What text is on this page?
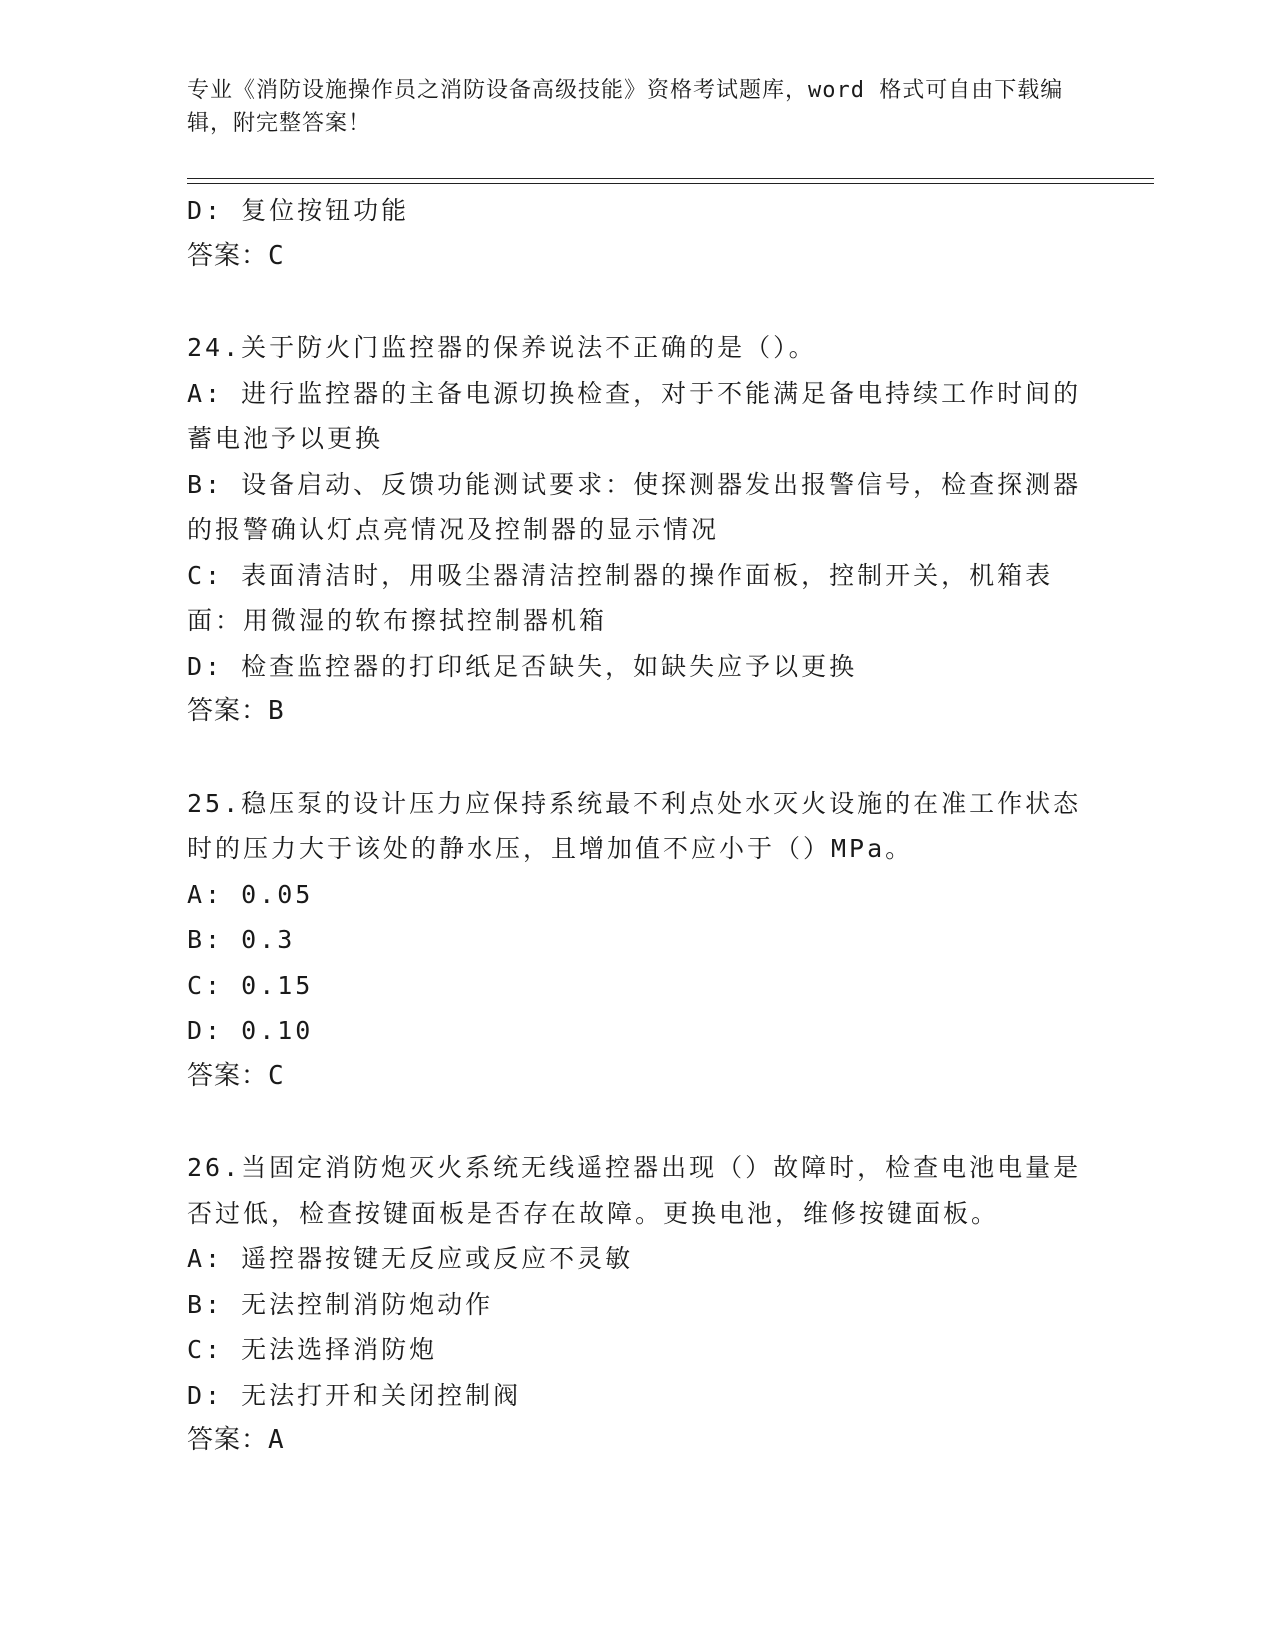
专业《消防设施操作员之消防设备高级技能》资格考试题库，word 格式可自由下载编辑，附完整答案！

D: 复位按钮功能

答案：C

24.关于防火门监控器的保养说法不正确的是（）。

A: 进行监控器的主备电源切换检查，对于不能满足备电持续工作时间的蓄电池予以更换

B: 设备启动、反馈功能测试要求：使探测器发出报警信号，检查探测器的报警确认灯点亮情况及控制器的显示情况

C: 表面清洁时，用吸尘器清洁控制器的操作面板，控制开关，机箱表面：用微湿的软布擦拭控制器机箱

D: 检查监控器的打印纸足否缺失，如缺失应予以更换

答案：B

25.稳压泵的设计压力应保持系统最不利点处水灭火设施的在准工作状态时的压力大于该处的静水压，且增加值不应小于（）MPa。

A: 0.05

B: 0.3

C: 0.15

D: 0.10

答案：C

26.当固定消防炮灭火系统无线遥控器出现（）故障时，检查电池电量是否过低，检查按键面板是否存在故障。更换电池，维修按键面板。

A: 遥控器按键无反应或反应不灵敏

B: 无法控制消防炮动作

C: 无法选择消防炮

D: 无法打开和关闭控制阀

答案：A
